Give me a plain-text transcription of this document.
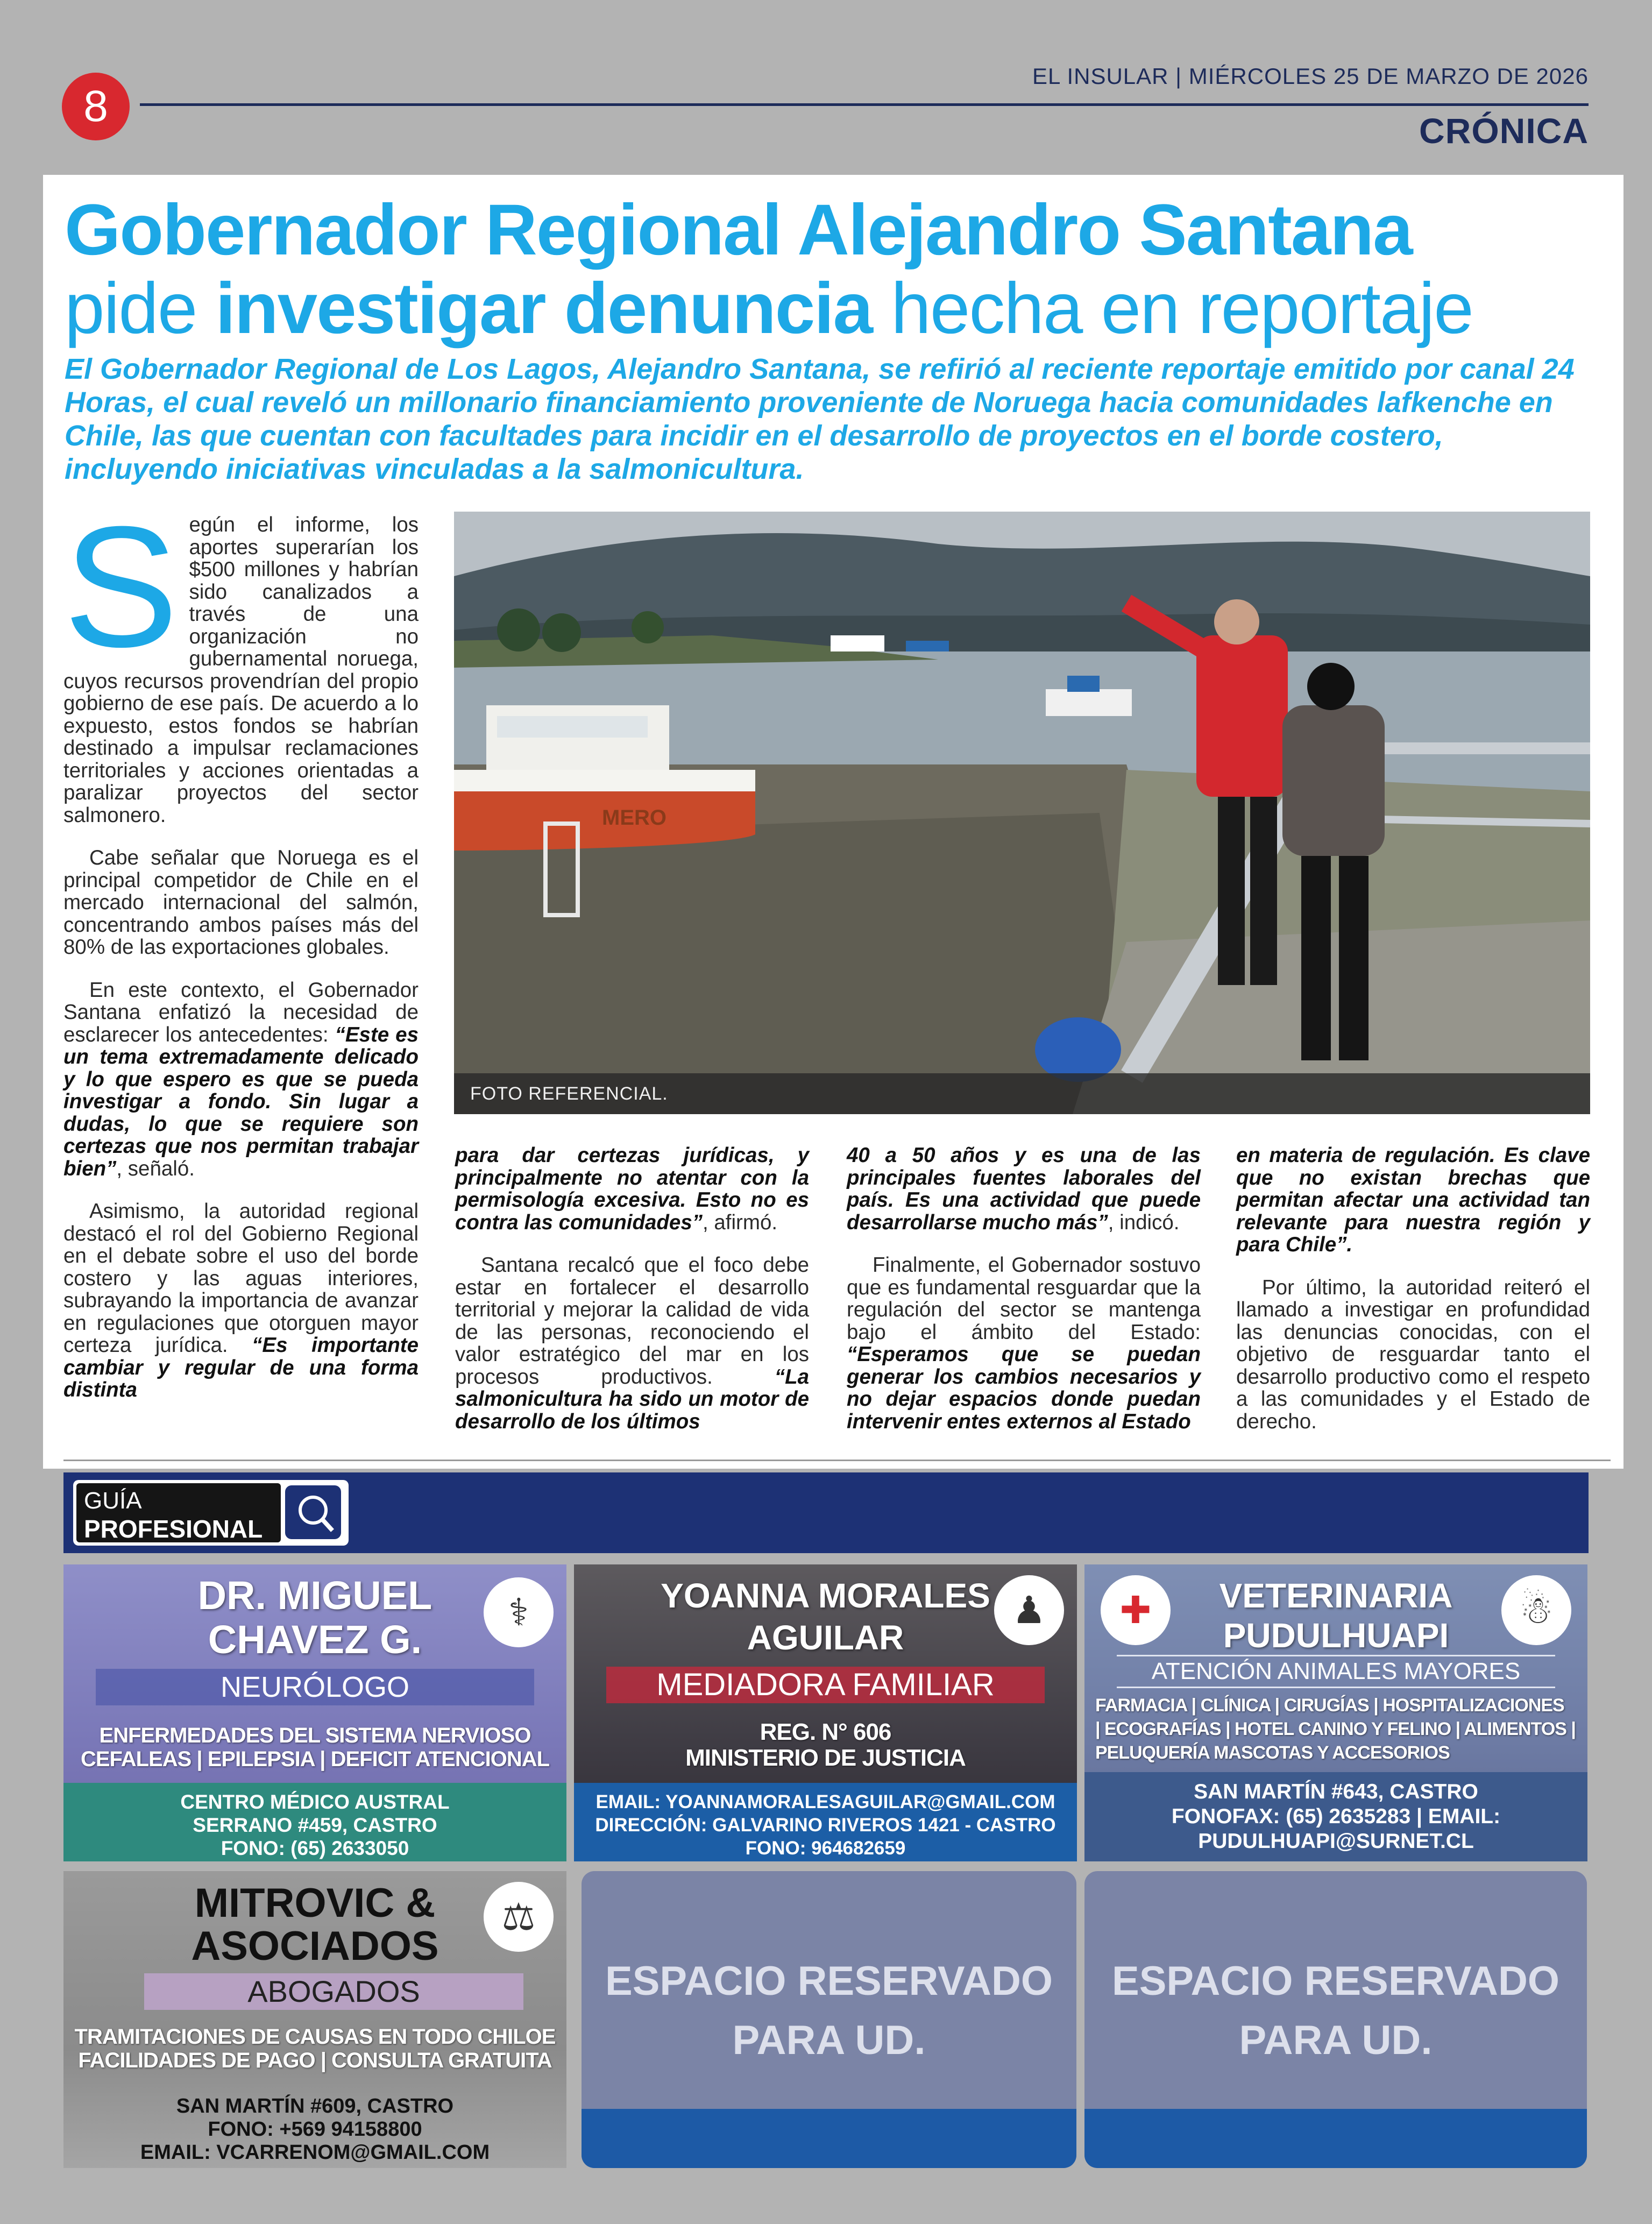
8
EL INSULAR | MIÉRCOLES 25 DE MARZO DE 2026
CRÓNICA
Gobernador Regional Alejandro Santana
pide investigar denuncia hecha en reportaje
El Gobernador Regional de Los Lagos, Alejandro Santana, se refirió al reciente reportaje emitido por canal 24 Horas, el cual reveló un millonario financiamiento proveniente de Noruega hacia comunidades lafkenche en Chile, las que cuentan con facultades para incidir en el desarrollo de proyectos en el borde costero, incluyendo iniciativas vinculadas a la salmonicultura.

Según el informe, los aportes superarían los $500 millones y habrían sido canalizados a través de una organización no gubernamental noruega, cuyos recursos provendrían del propio gobierno de ese país. De acuerdo a lo expuesto, estos fondos se habrían destinado a impulsar reclamaciones territoriales y acciones orientadas a paralizar proyectos del sector salmonero.

Cabe señalar que Noruega es el principal competidor de Chile en el mercado internacional del salmón, concentrando ambos países más del 80% de las exportaciones globales.

En este contexto, el Gobernador Santana enfatizó la necesidad de esclarecer los antecedentes: “Este es un tema extremadamente delicado y lo que espero es que se pueda investigar a fondo. Sin lugar a dudas, lo que se requiere son certezas que nos permitan trabajar bien”, señaló.

Asimismo, la autoridad regional destacó el rol del Gobierno Regional en el debate sobre el uso del borde costero y las aguas interiores, subrayando la importancia de avanzar en regulaciones que otorguen mayor certeza jurídica. “Es importante cambiar y regular de una forma distinta

MERO
FOTO REFERENCIAL.

para dar certezas jurídicas, y principalmente no atentar con la permisología excesiva. Esto no es contra las comunidades”, afirmó.

Santana recalcó que el foco debe estar en fortalecer el desarrollo territorial y mejorar la calidad de vida de las personas, reconociendo el valor estratégico del mar en los procesos productivos. “La salmonicultura ha sido un motor de desarrollo de los últimos

40 a 50 años y es una de las principales fuentes laborales del país. Es una actividad que puede desarrollarse mucho más”, indicó.

Finalmente, el Gobernador sostuvo que es fundamental resguardar que la regulación del sector se mantenga bajo el ámbito del Estado: “Esperamos que se puedan generar los cambios necesarios y no dejar espacios donde puedan intervenir entes externos al Estado

en materia de regulación. Es clave que no existan brechas que permitan afectar una actividad tan relevante para nuestra región y para Chile”.

Por último, la autoridad reiteró el llamado a investigar en profundidad las denuncias conocidas, con el objetivo de resguardar tanto el desarrollo productivo como el respeto a las comunidades y el Estado de derecho.

GUÍA
PROFESIONAL
⚕
DR. MIGUEL
CHAVEZ G.
NEURÓLOGO
ENFERMEDADES DEL SISTEMA NERVIOSO
CEFALEAS | EPILEPSIA | DEFICIT ATENCIONAL
CENTRO MÉDICO AUSTRAL
SERRANO #459, CASTRO
FONO: (65) 2633050
♟
YOANNA MORALES
AGUILAR
MEDIADORA FAMILIAR
REG. N° 606
MINISTERIO DE JUSTICIA
EMAIL: YOANNAMORALESAGUILAR@GMAIL.COM
DIRECCIÓN: GALVARINO RIVEROS 1421 - CASTRO
FONO: 964682659
✚	☃
VETERINARIA
PUDULHUAPI
ATENCIÓN ANIMALES MAYORES
FARMACIA | CLÍNICA | CIRUGÍAS | HOSPITALIZACIONES
| ECOGRAFÍAS | HOTEL CANINO Y FELINO | ALIMENTOS |
PELUQUERÍA MASCOTAS Y ACCESORIOS
SAN MARTÍN #643, CASTRO
FONOFAX: (65) 2635283 | EMAIL:
PUDULHUAPI@SURNET.CL
⚖
MITROVIC &
ASOCIADOS
ABOGADOS
TRAMITACIONES DE CAUSAS EN TODO CHILOE
FACILIDADES DE PAGO | CONSULTA GRATUITA
SAN MARTÍN #609, CASTRO
FONO: +569 94158800
EMAIL: VCARRENOM@GMAIL.COM
ESPACIO RESERVADO
PARA UD.
ESPACIO RESERVADO
PARA UD.
